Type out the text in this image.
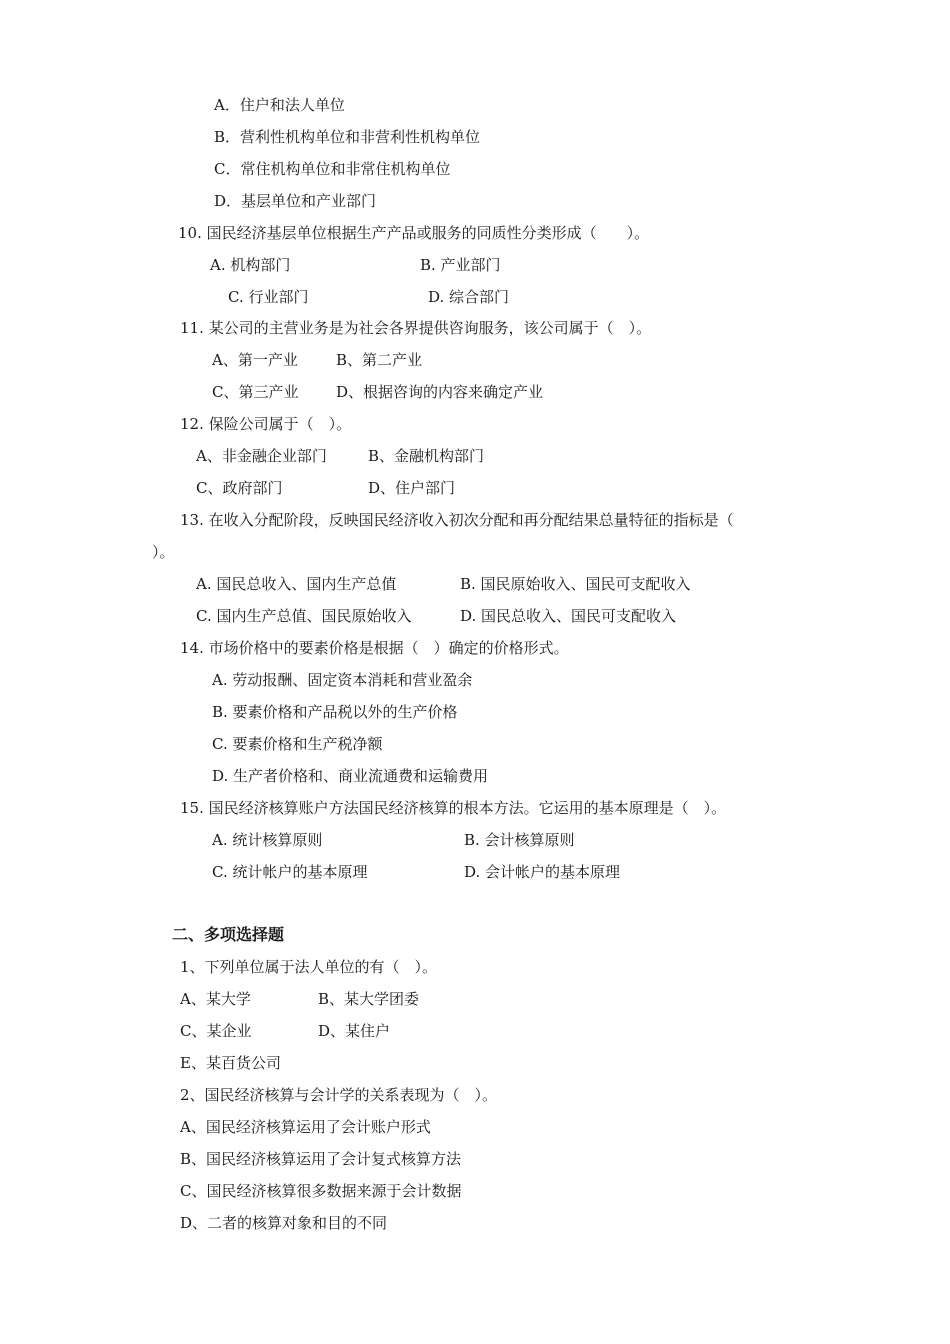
A．住户和法人单位
B．营利性机构单位和非营利性机构单位
C．常住机构单位和非常住机构单位
D．基层单位和产业部门
10. 国民经济基层单位根据生产产品或服务的同质性分类形成（　　）。
A. 机构部门	B. 产业部门
C. 行业部门	D. 综合部门
11. 某公司的主营业务是为社会各界提供咨询服务，该公司属于（　）。
A、第一产业	B、第二产业
C、第三产业	D、根据咨询的内容来确定产业
12. 保险公司属于（　）。
A、非金融企业部门	B、金融机构部门
C、政府部门	D、住户部门
13. 在收入分配阶段，反映国民经济收入初次分配和再分配结果总量特征的指标是（
）。
A. 国民总收入、国内生产总值	B. 国民原始收入、国民可支配收入
C. 国内生产总值、国民原始收入	D. 国民总收入、国民可支配收入
14. 市场价格中的要素价格是根据（　）确定的价格形式。
A. 劳动报酬、固定资本消耗和营业盈余
B. 要素价格和产品税以外的生产价格
C. 要素价格和生产税净额
D. 生产者价格和、商业流通费和运输费用
15. 国民经济核算账户方法国民经济核算的根本方法。它运用的基本原理是（　）。
A. 统计核算原则	B. 会计核算原则
C. 统计帐户的基本原理	D. 会计帐户的基本原理
二、多项选择题
1、下列单位属于法人单位的有（　）。
A、某大学	B、某大学团委
C、某企业	D、某住户
E、某百货公司
2、国民经济核算与会计学的关系表现为（　）。
A、国民经济核算运用了会计账户形式
B、国民经济核算运用了会计复式核算方法
C、国民经济核算很多数据来源于会计数据
D、二者的核算对象和目的不同
